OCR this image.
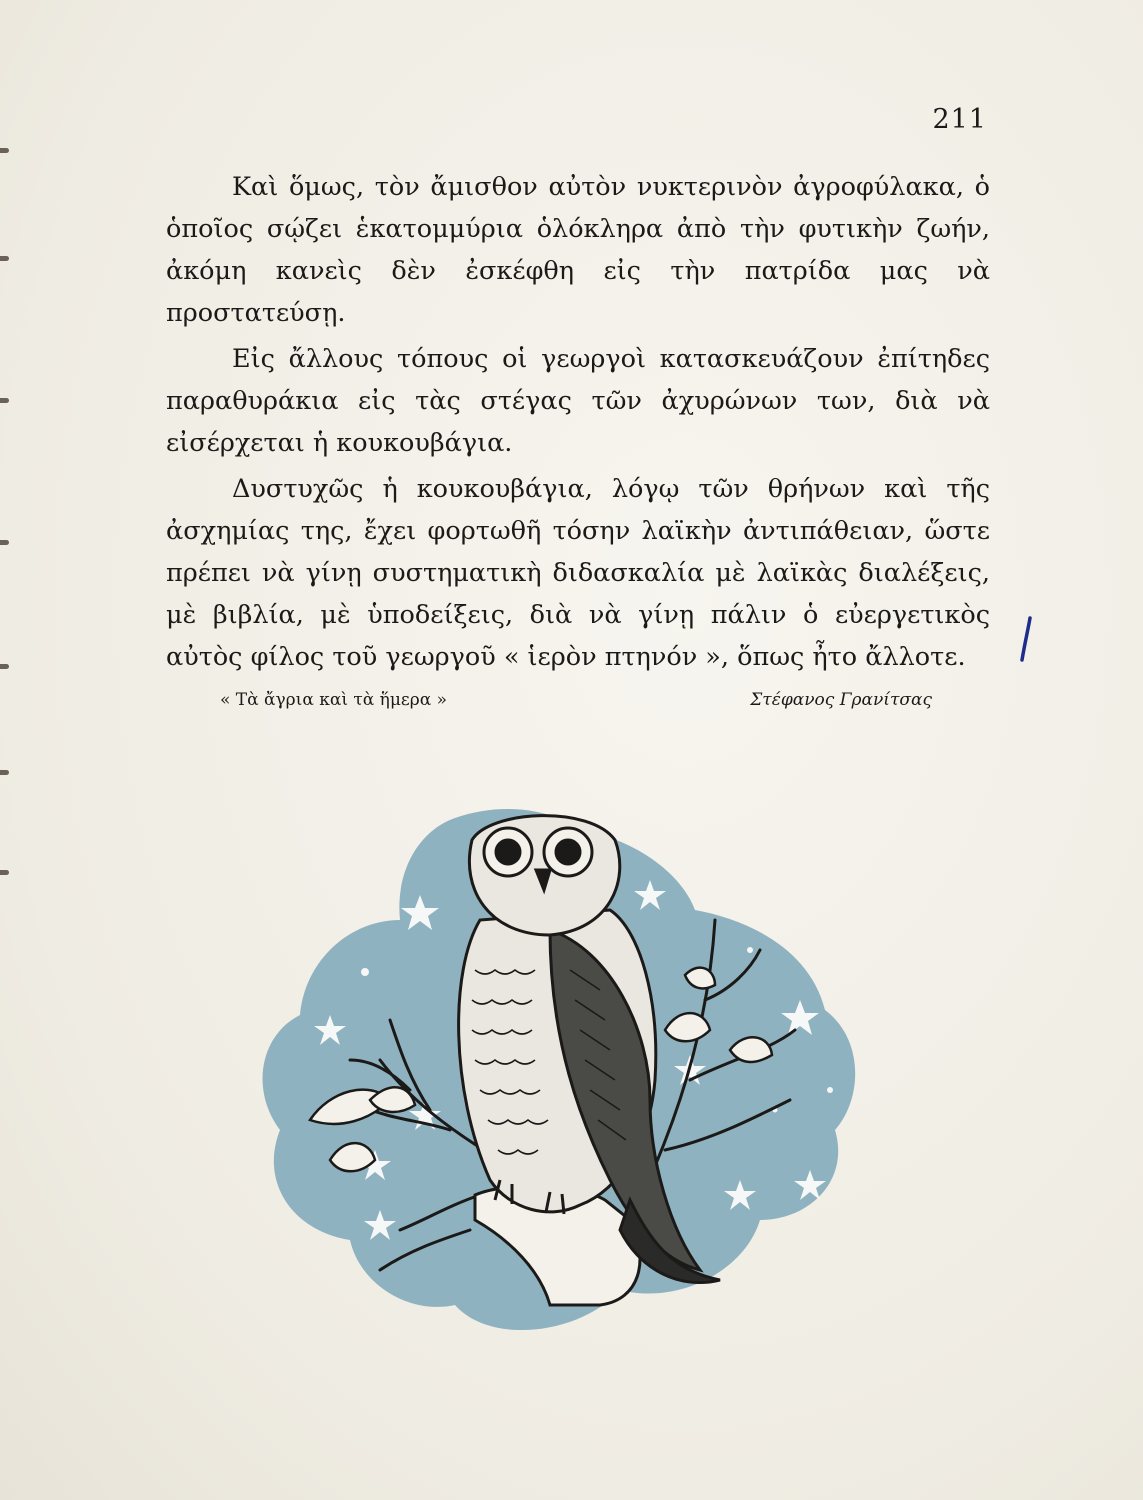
211

Καὶ ὅμως, τὸν ἄμισθον αὐτὸν νυκτερινὸν ἀγροφύλακα, ὁ ὁποῖος σῴζει ἑκατομμύρια ὁλόκληρα ἀπὸ τὴν φυτικὴν ζωήν, ἀκόμη κανεὶς δὲν ἐσκέφθη εἰς τὴν πατρίδα μας νὰ προστατεύσῃ.

Εἰς ἄλλους τόπους οἱ γεωργοὶ κατασκευάζουν ἐπίτηδες παραθυράκια εἰς τὰς στέγας τῶν ἀχυρώνων των, διὰ νὰ εἰσέρχεται ἡ κουκουβάγια.

Δυστυχῶς ἡ κουκουβάγια, λόγῳ τῶν θρήνων καὶ τῆς ἀσχημίας της, ἔχει φορτωθῆ τόσην λαϊκὴν ἀντιπάθειαν, ὥστε πρέπει νὰ γίνῃ συστηματικὴ διδασκαλία μὲ λαϊκὰς διαλέξεις, μὲ βιβλία, μὲ ὑποδείξεις, διὰ νὰ γίνῃ πάλιν ὁ εὐεργετικὸς αὐτὸς φίλος τοῦ γεωργοῦ « ἱερὸν πτηνόν », ὅπως ἦτο ἄλλοτε.

« Τὰ ἄγρια καὶ τὰ ἥμερα »	Στέφανος Γρανίτσας
